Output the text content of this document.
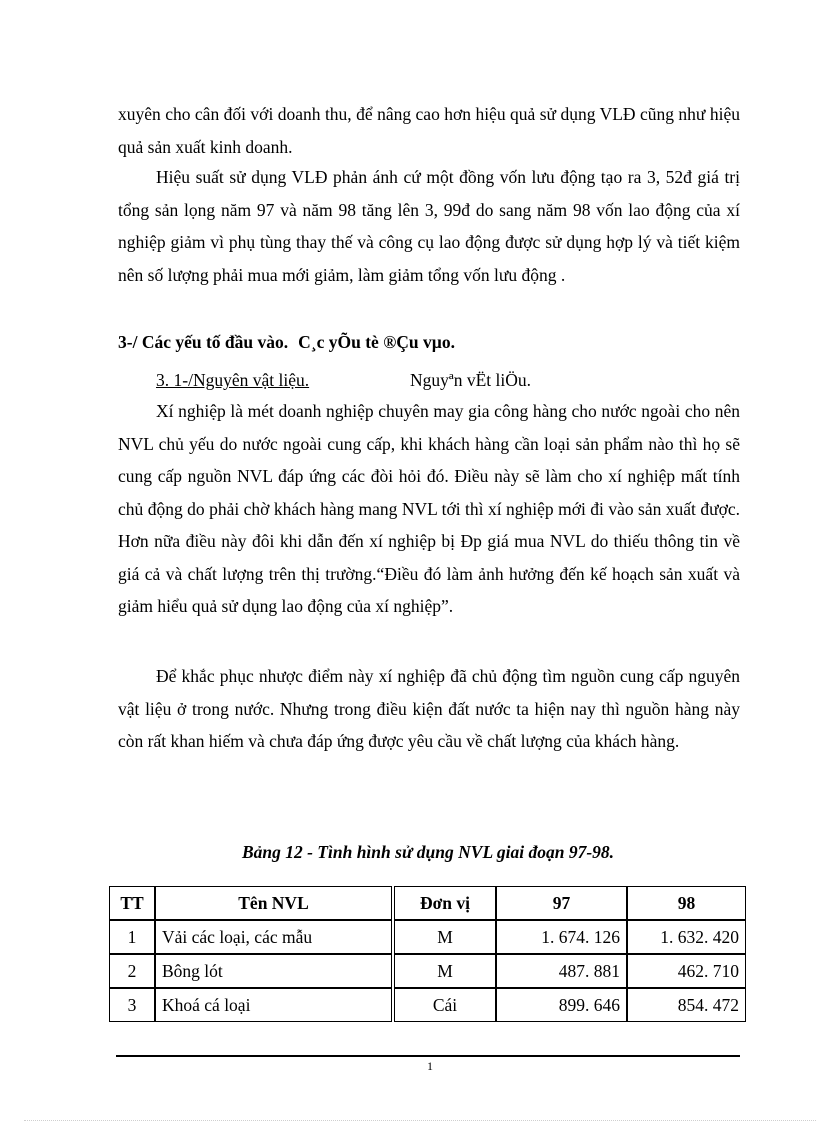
xuyên cho cân đối với doanh thu, để nâng cao hơn hiệu quả sử dụng VLĐ cũng như hiệu quả sản xuất kinh doanh.

Hiệu suất sử dụng VLĐ phản ánh cứ một đồng vốn lưu động tạo ra 3, 52đ giá trị tổng sản lọng năm 97 và năm 98 tăng lên 3, 99đ do sang năm 98 vốn lao động của xí nghiệp giảm vì phụ tùng thay thế và công cụ lao động được sử dụng hợp lý và tiết kiệm nên số lượng phải mua mới giảm, làm giảm tổng vốn lưu động .

3-/ Các yếu tố đầu vào. C¸c yÕu tè ®Çu vµo.
3. 1-/Nguyên vật liệu.	Nguyªn vËt liÖu.

Xí nghiệp là mét doanh nghiệp chuyên may gia công hàng cho nước ngoài cho nên NVL chủ yếu do nước ngoài cung cấp, khi khách hàng cần loại sản phẩm nào thì họ sẽ cung cấp nguồn NVL đáp ứng các đòi hỏi đó. Điều này sẽ làm cho xí nghiệp mất tính chủ động do phải chờ khách hàng mang NVL tới thì xí nghiệp mới đi vào sản xuất được. Hơn nữa điều này đôi khi dẫn đến xí nghiệp bị Ðp giá mua NVL do thiếu thông tin về giá cả và chất lượng trên thị trường.“Điều đó làm ảnh hưởng đến kế hoạch sản xuất và giảm hiểu quả sử dụng lao động của xí nghiệp”.

Để khắc phục nhược điểm này xí nghiệp đã chủ động tìm nguồn cung cấp nguyên vật liệu ở trong nước. Nhưng trong điều kiện đất nước ta hiện nay thì nguồn hàng này còn rất khan hiếm và chưa đáp ứng được yêu cầu về chất lượng của khách hàng.

Bảng 12 - Tình hình sử dụng NVL giai đoạn 97-98.
TT	Tên NVL		Đơn vị	97	98
1	Vải các loại, các mẫu		M	1. 674. 126	1. 632. 420
2	Bông lót		M	487. 881	462. 710
3	Khoá cá loại		Cái	899. 646	854. 472
1
